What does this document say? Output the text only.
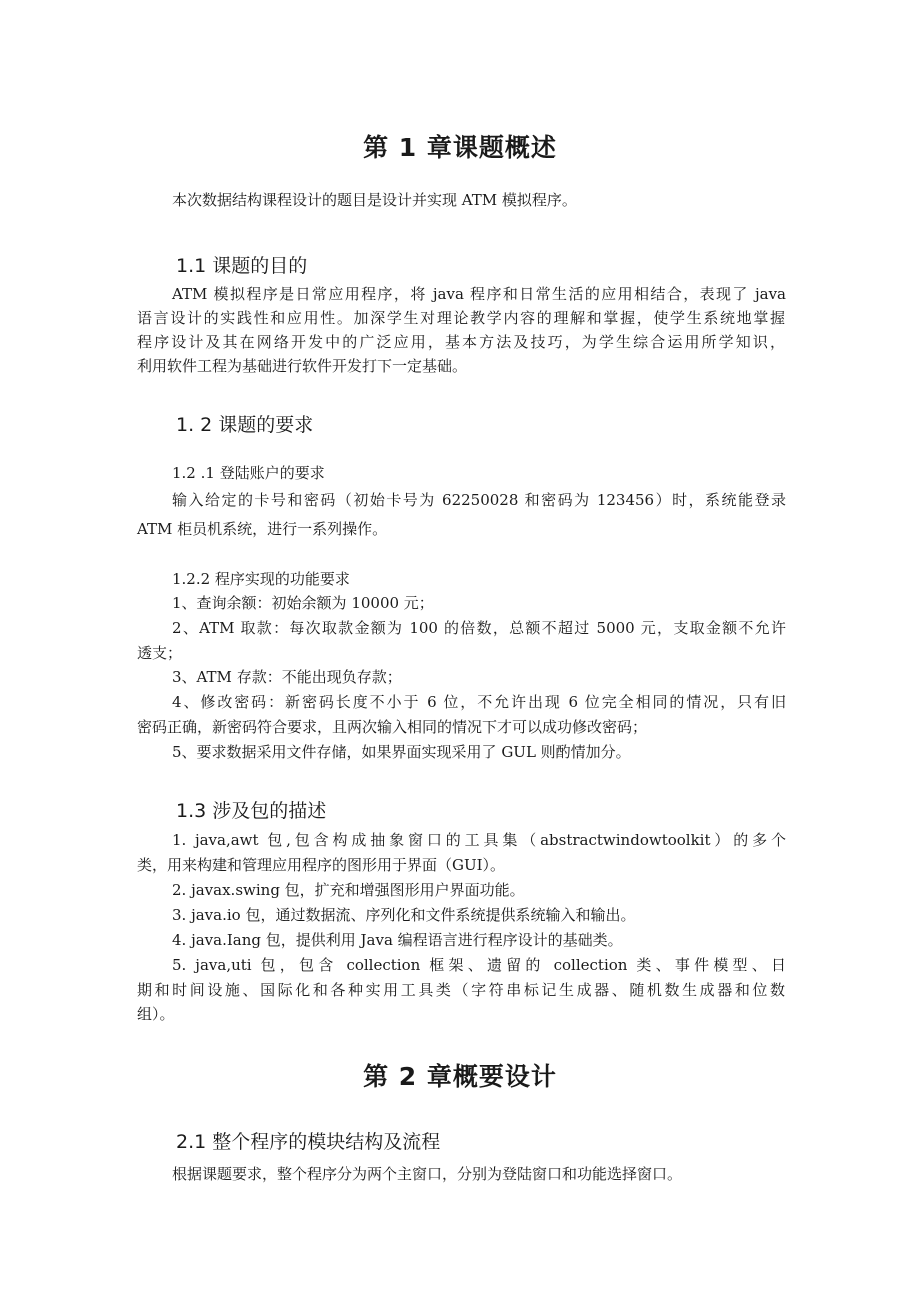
第 1 章课题概述
本次数据结构课程设计的题目是设计并实现 ATM 模拟程序。
1.1 课题的目的
ATM 模拟程序是日常应用程序，将 java 程序和日常生活的应用相结合，表现了 java
语言设计的实践性和应用性。加深学生对理论教学内容的理解和掌握，使学生系统地掌握
程序设计及其在网络开发中的广泛应用，基本方法及技巧，为学生综合运用所学知识，
利用软件工程为基础进行软件开发打下一定基础。
1. 2 课题的要求
1.2 .1 登陆账户的要求
输入给定的卡号和密码（初始卡号为 62250028 和密码为 123456）时，系统能登录
ATM 柜员机系统，进行一系列操作。
1.2.2 程序实现的功能要求
1、查询余额：初始余额为 10000 元；
2、ATM 取款：每次取款金额为 100 的倍数，总额不超过 5000 元，支取金额不允许
透支；
3、ATM 存款：不能出现负存款；
4、修改密码：新密码长度不小于 6 位，不允许出现 6 位完全相同的情况，只有旧
密码正确，新密码符合要求，且两次输入相同的情况下才可以成功修改密码；
5、要求数据采用文件存储，如果界面实现采用了 GUL 则酌情加分。
1.3 涉及包的描述
1. java,awt 包,包含构成抽象窗口的工具集（abstractwindowtoolkit）的多个
类，用来构建和管理应用程序的图形用于界面（GUI）。
2. javax.swing 包，扩充和增强图形用户界面功能。
3. java.io 包，通过数据流、序列化和文件系统提供系统输入和输出。
4. java.Iang 包，提供利用 Java 编程语言进行程序设计的基础类。
5. java,uti 包，包含 collection 框架、遗留的 collection 类、事件模型、日
期和时间设施、国际化和各种实用工具类（字符串标记生成器、随机数生成器和位数
组）。
第 2 章概要设计
2.1 整个程序的模块结构及流程
根据课题要求，整个程序分为两个主窗口，分别为登陆窗口和功能选择窗口。
